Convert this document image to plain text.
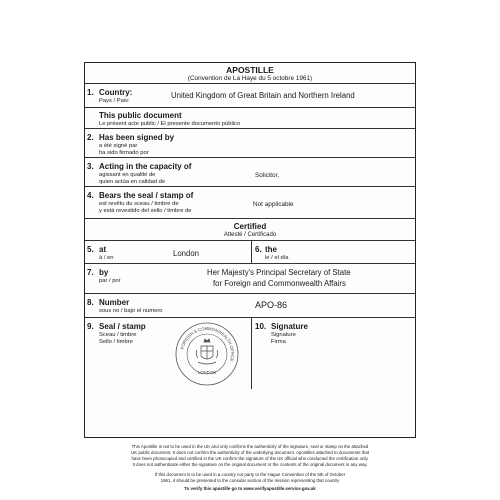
APOSTILLE
(Convention de La Haye du 5 octobre 1961)
1. Country:
Pays / Pais:
United Kingdom of Great Britain and Northern Ireland
This public document
Le présent acte public / El presente documento público
2. Has been signed by
a été signé par
ha sido firmado por
3. Acting in the capacity of
agissant en qualité de
quien actúa en calidad de
Solicitor,
4. Bears the seal / stamp of
est revêtu du sceau / timbre de
y está revestido del sello / timbre de
Not applicable
Certified
Attesté / Certificado
5. at
à / en	London	6. the
le / el día
7. by
par / por
Her Majesty's Principal Secretary of State
for Foreign and Commonwealth Affairs
8. Number
sous no / bajo el numero
APO-86
9. Seal / stamp
Sceau / timbre
Sello / timbre
10. Signature
Signature
Firma
FOREIGN & COMMONWEALTH OFFICE
LONDON
This Apostille is not to be used in the UK and only confirms the authenticity of the signature, seal or stamp on the attached
UK public document. It does not confirm the authenticity of the underlying document. Apostilles attached to documents that
have been photocopied and certified in the UK confirm the signature of the UK official who conducted the certification only.
It does not authenticate either the signature on the original document or the contents of the original document in any way.
If this document is to be used in a country not party to the Hague Convention of the 5th of October
1961, it should be presented to the consular section of the mission representing that country
To verify this apostille go to www.verifyapostille.service.gov.uk
